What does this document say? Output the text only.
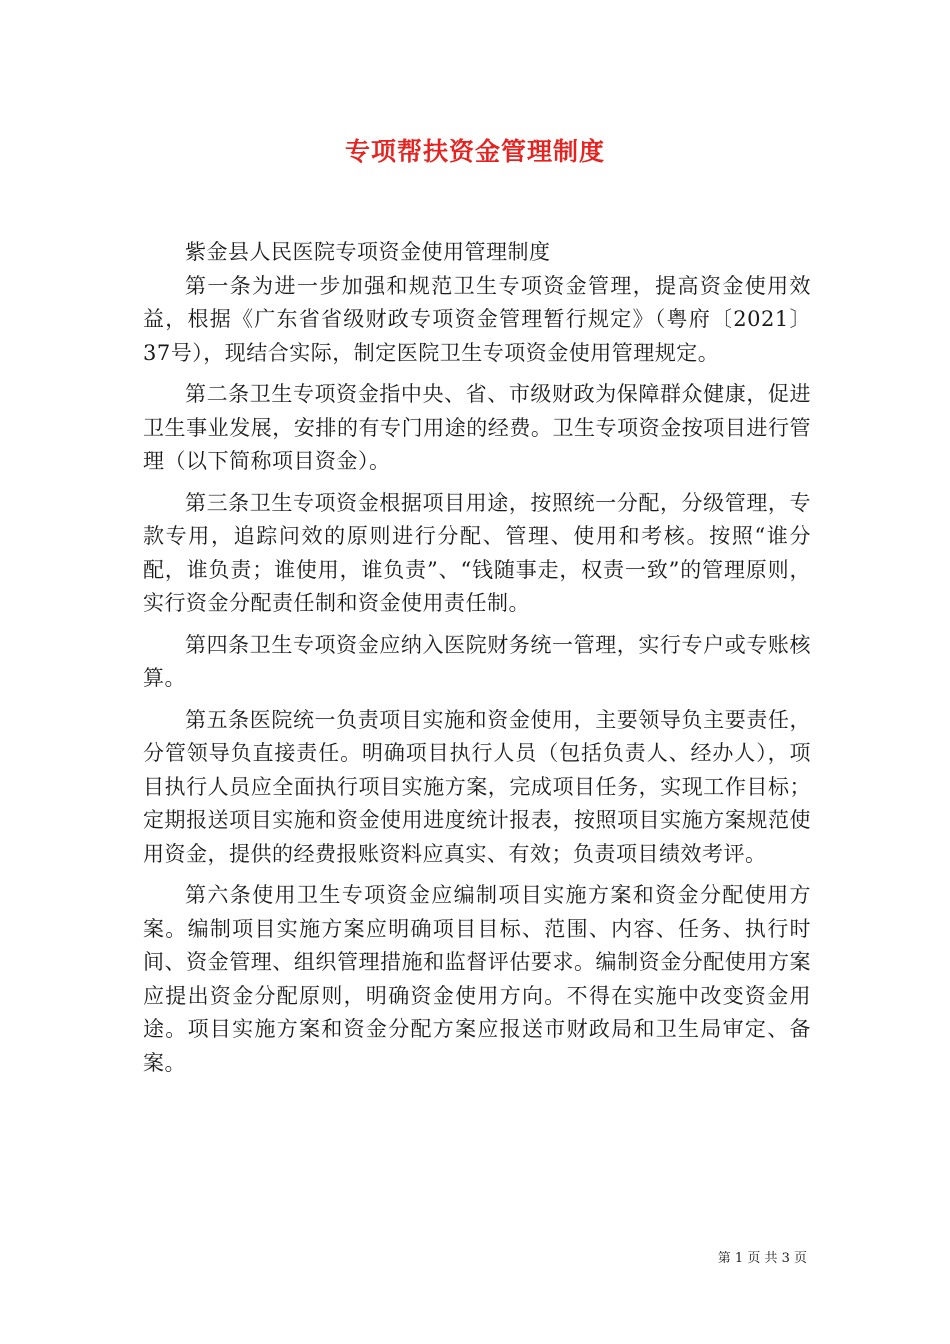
专项帮扶资金管理制度

紫金县人民医院专项资金使用管理制度

第一条为进一步加强和规范卫生专项资金管理，提高资金使用效益，根据《广东省省级财政专项资金管理暂行规定》（粤府〔2021〕37号），现结合实际，制定医院卫生专项资金使用管理规定。

第二条卫生专项资金指中央、省、市级财政为保障群众健康，促进卫生事业发展，安排的有专门用途的经费。卫生专项资金按项目进行管理（以下简称项目资金）。

第三条卫生专项资金根据项目用途，按照统一分配，分级管理，专款专用，追踪问效的原则进行分配、管理、使用和考核。按照“谁分配，谁负责；谁使用，谁负责”、“钱随事走，权责一致”的管理原则，实行资金分配责任制和资金使用责任制。

第四条卫生专项资金应纳入医院财务统一管理，实行专户或专账核算。

第五条医院统一负责项目实施和资金使用，主要领导负主要责任，分管领导负直接责任。明确项目执行人员（包括负责人、经办人），项目执行人员应全面执行项目实施方案，完成项目任务，实现工作目标；定期报送项目实施和资金使用进度统计报表，按照项目实施方案规范使用资金，提供的经费报账资料应真实、有效；负责项目绩效考评。

第六条使用卫生专项资金应编制项目实施方案和资金分配使用方案。编制项目实施方案应明确项目目标、范围、内容、任务、执行时间、资金管理、组织管理措施和监督评估要求。编制资金分配使用方案应提出资金分配原则，明确资金使用方向。不得在实施中改变资金用途。项目实施方案和资金分配方案应报送市财政局和卫生局审定、备案。

第 1 页 共 3 页
